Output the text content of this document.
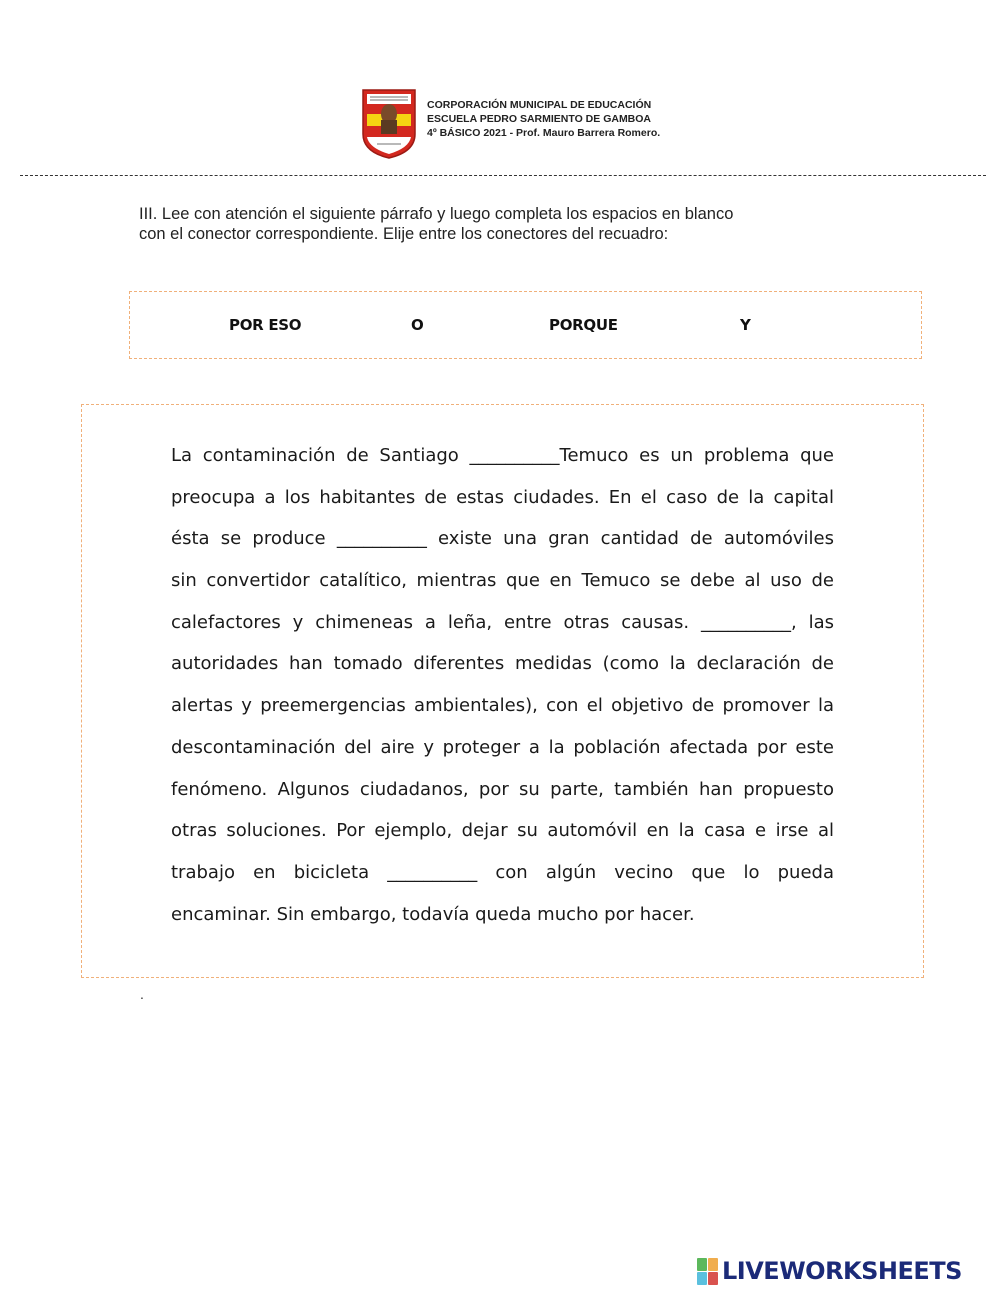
CORPORACIÓN MUNICIPAL DE EDUCACIÓN
ESCUELA PEDRO SARMIENTO DE GAMBOA
4º BÁSICO 2021 - Prof. Mauro Barrera Romero.
III. Lee con atención el siguiente párrafo y luego completa los espacios en blanco
con el conector correspondiente. Elije entre los conectores del recuadro:
POR ESO	O	PORQUE	Y
La contaminación de Santiago __________Temuco es un problema que
preocupa a los habitantes de estas ciudades. En el caso de la capital
ésta se produce __________ existe una gran cantidad de automóviles
sin convertidor catalítico, mientras que en Temuco se debe al uso de
calefactores y chimeneas a leña, entre otras causas. __________, las
autoridades han tomado diferentes medidas (como la declaración de
alertas y preemergencias ambientales), con el objetivo de promover la
descontaminación del aire y proteger a la población afectada por este
fenómeno. Algunos ciudadanos, por su parte, también han propuesto
otras soluciones. Por ejemplo, dejar su automóvil en la casa e irse al
trabajo en bicicleta __________ con algún vecino que lo pueda
encaminar. Sin embargo, todavía queda mucho por hacer.
.
LIVEWORKSHEETS
